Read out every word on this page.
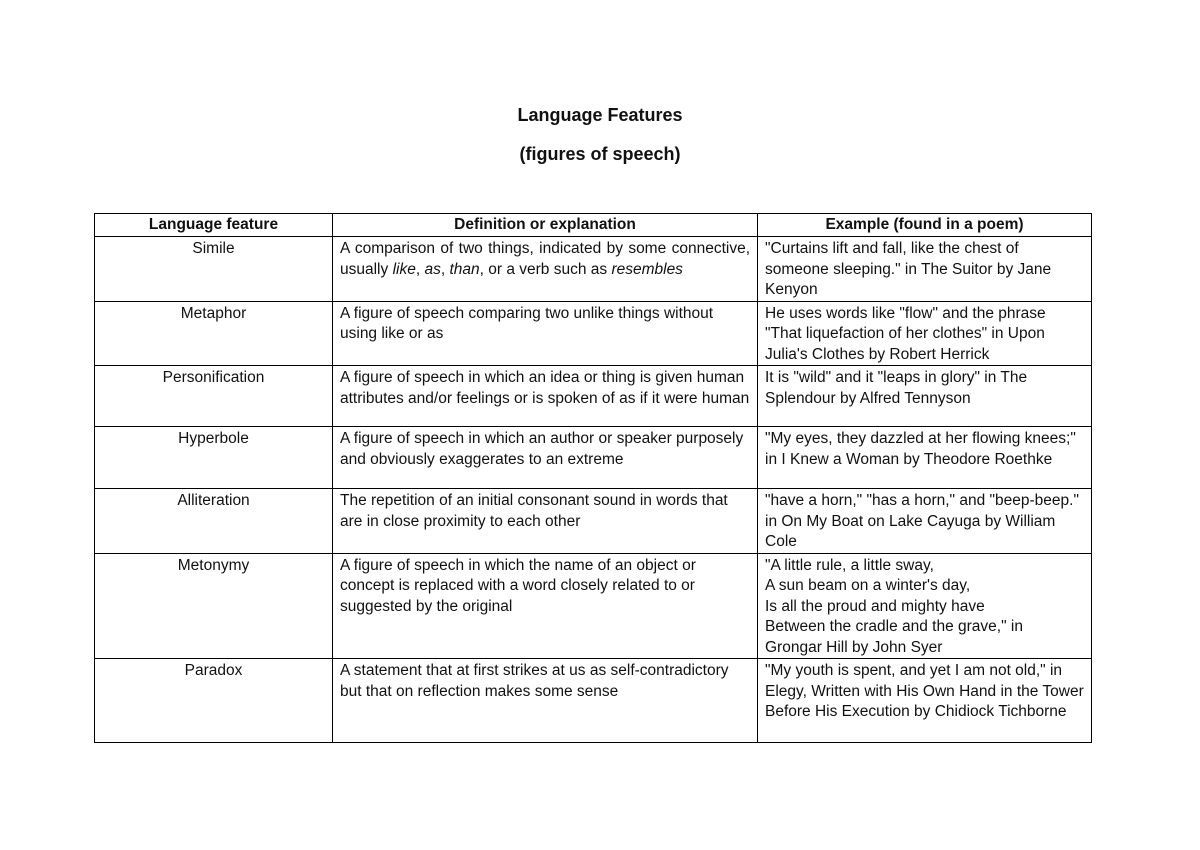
Language Features
(figures of speech)
Language feature	Definition or explanation	Example (found in a poem)
Simile	A comparison of two things, indicated by some connective, usually like, as, than, or a verb such as resembles	"Curtains lift and fall, like the chest of someone sleeping." in The Suitor by Jane Kenyon
Metaphor	A figure of speech comparing two unlike things without using like or as	He uses words like "flow" and the phrase "That liquefaction of her clothes" in Upon Julia's Clothes by Robert Herrick
Personification	A figure of speech in which an idea or thing is given human attributes and/or feelings or is spoken of as if it were human	It is "wild" and it "leaps in glory" in The Splendour by Alfred Tennyson
Hyperbole	A figure of speech in which an author or speaker purposely and obviously exaggerates to an extreme	"My eyes, they dazzled at her flowing knees;" in I Knew a Woman by Theodore Roethke
Alliteration	The repetition of an initial consonant sound in words that are in close proximity to each other	"have a horn," "has a horn," and "beep-beep." in On My Boat on Lake Cayuga by William Cole
Metonymy	A figure of speech in which the name of an object or concept is replaced with a word closely related to or suggested by the original	"A little rule, a little sway,
A sun beam on a winter's day,
Is all the proud and mighty have
Between the cradle and the grave," in Grongar Hill by John Syer

Paradox	A statement that at first strikes at us as self-contradictory but that on reflection makes some sense	"My youth is spent, and yet I am not old," in Elegy, Written with His Own Hand in the Tower Before His Execution by Chidiock Tichborne
